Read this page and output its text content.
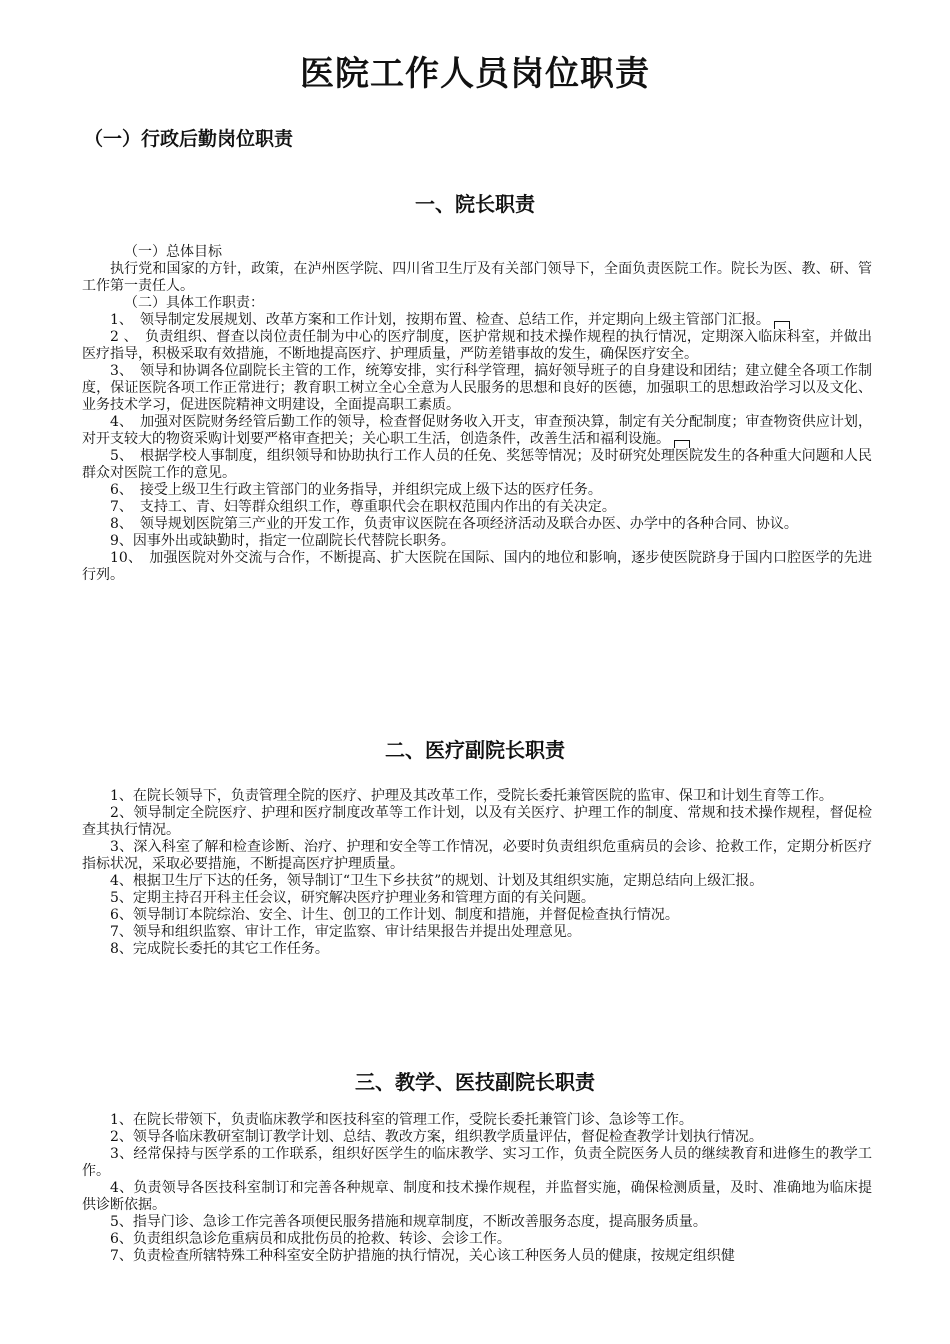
医院工作人员岗位职责
（一）行政后勤岗位职责
一、院长职责

（一）总体目标

执行党和国家的方针，政策，在泸州医学院、四川省卫生厅及有关部门领导下，全面负责医院工作。院长为医、教、研、管工作第一责任人。

（二）具体工作职责：

1、　领导制定发展规划、改革方案和工作计划，按期布置、检查、总结工作，并定期向上级主管部门汇报。

2 、　负责组织、督查以岗位责任制为中心的医疗制度，医护常规和技术操作规程的执行情况，定期深入临床科室，并做出医疗指导，积极采取有效措施，不断地提高医疗、护理质量，严防差错事故的发生，确保医疗安全。

3、　领导和协调各位副院长主管的工作，统筹安排，实行科学管理，搞好领导班子的自身建设和团结；建立健全各项工作制度，保证医院各项工作正常进行；教育职工树立全心全意为人民服务的思想和良好的医德，加强职工的思想政治学习以及文化、业务技术学习，促进医院精神文明建设，全面提高职工素质。

4、　加强对医院财务经管后勤工作的领导，检查督促财务收入开支，审查预决算，制定有关分配制度；审查物资供应计划，对开支较大的物资采购计划要严格审查把关；关心职工生活，创造条件，改善生活和福利设施。

5、　根据学校人事制度，组织领导和协助执行工作人员的任免、奖惩等情况；及时研究处理医院发生的各种重大问题和人民群众对医院工作的意见。

6、　接受上级卫生行政主管部门的业务指导，并组织完成上级下达的医疗任务。

7、　支持工、青、妇等群众组织工作，尊重职代会在职权范围内作出的有关决定。

8、　领导规划医院第三产业的开发工作，负责审议医院在各项经济活动及联合办医、办学中的各种合同、协议。

9、因事外出或缺勤时，指定一位副院长代替院长职务。

10、　加强医院对外交流与合作，不断提高、扩大医院在国际、国内的地位和影响，逐步使医院跻身于国内口腔医学的先进行列。

二、医疗副院长职责

1、在院长领导下，负责管理全院的医疗、护理及其改革工作，受院长委托兼管医院的监审、保卫和计划生育等工作。

2、领导制定全院医疗、护理和医疗制度改革等工作计划，以及有关医疗、护理工作的制度、常规和技术操作规程，督促检查其执行情况。

3、深入科室了解和检查诊断、治疗、护理和安全等工作情况，必要时负责组织危重病员的会诊、抢救工作，定期分析医疗指标状况，采取必要措施，不断提高医疗护理质量。

4、根据卫生厅下达的任务，领导制订“卫生下乡扶贫”的规划、计划及其组织实施，定期总结向上级汇报。

5、定期主持召开科主任会议，研究解决医疗护理业务和管理方面的有关问题。

6、领导制订本院综治、安全、计生、创卫的工作计划、制度和措施，并督促检查执行情况。

7、领导和组织监察、审计工作，审定监察、审计结果报告并提出处理意见。

8、完成院长委托的其它工作任务。

三、教学、医技副院长职责

1、在院长带领下，负责临床教学和医技科室的管理工作，受院长委托兼管门诊、急诊等工作。

2、领导各临床教研室制订教学计划、总结、教改方案，组织教学质量评估，督促检查教学计划执行情况。

3、经常保持与医学系的工作联系，组织好医学生的临床教学、实习工作，负责全院医务人员的继续教育和进修生的教学工作。

4、负责领导各医技科室制订和完善各种规章、制度和技术操作规程，并监督实施，确保检测质量，及时、准确地为临床提供诊断依据。

5、指导门诊、急诊工作完善各项便民服务措施和规章制度，不断改善服务态度，提高服务质量。

6、负责组织急诊危重病员和成批伤员的抢救、转诊、会诊工作。

7、负责检查所辖特殊工种科室安全防护措施的执行情况，关心该工种医务人员的健康，按规定组织健
